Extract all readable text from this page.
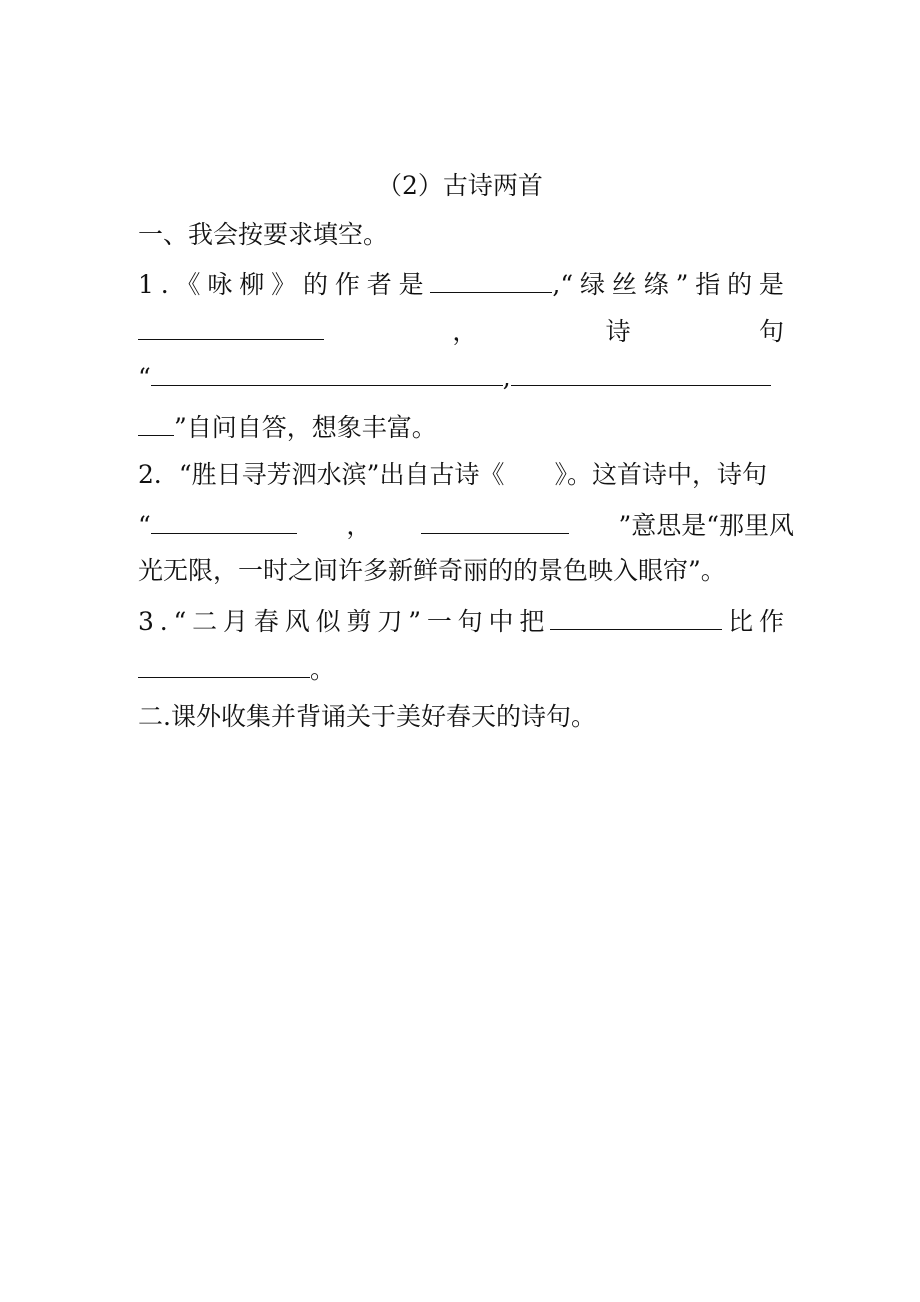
（2）古诗两首
一、我会按要求填空。
1 . 《 咏 柳 》 的 作 者 是	, “ 绿 丝 绦 ” 指 的 是
，	诗	句
“	,
”自问自答，想象丰富。
2．“胜日寻芳泗水滨”出自古诗《　　》。这首诗中，诗句
“	，	”意思是“那里风
光无限，一时之间许多新鲜奇丽的的景色映入眼帘”。
3 . “ 二 月 春 风 似 剪 刀 ” 一 句 中 把	比 作
。
二.课外收集并背诵关于美好春天的诗句。
